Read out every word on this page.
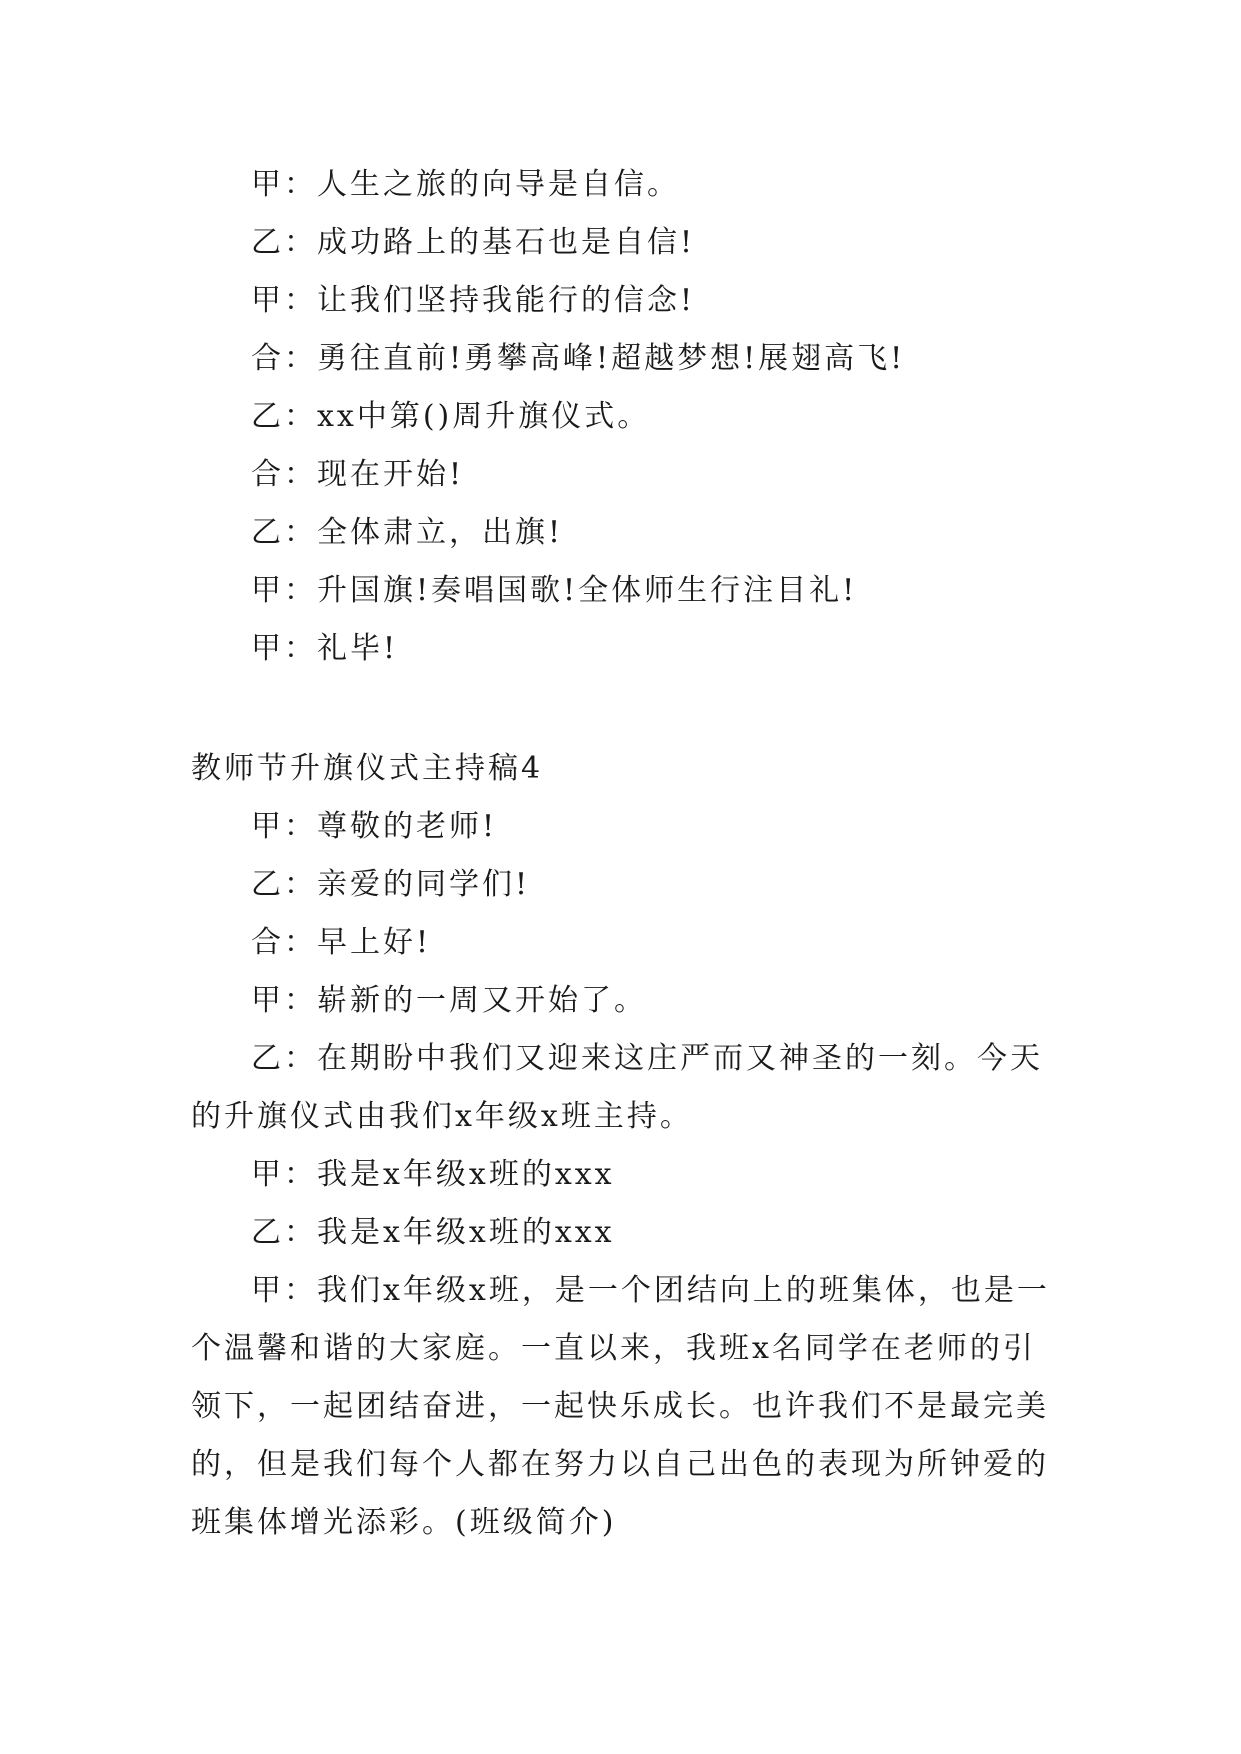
甲：人生之旅的向导是自信。

乙：成功路上的基石也是自信!

甲：让我们坚持我能行的信念!

合：勇往直前!勇攀高峰!超越梦想!展翅高飞!

乙：xx中第()周升旗仪式。

合：现在开始!

乙：全体肃立，出旗!

甲：升国旗!奏唱国歌!全体师生行注目礼!

甲：礼毕!

教师节升旗仪式主持稿4

甲：尊敬的老师!

乙：亲爱的同学们!

合：早上好!

甲：崭新的一周又开始了。

乙：在期盼中我们又迎来这庄严而又神圣的一刻。今天的升旗仪式由我们x年级x班主持。

甲：我是x年级x班的xxx

乙：我是x年级x班的xxx

甲：我们x年级x班，是一个团结向上的班集体，也是一个温馨和谐的大家庭。一直以来，我班x名同学在老师的引领下，一起团结奋进，一起快乐成长。也许我们不是最完美的，但是我们每个人都在努力以自己出色的表现为所钟爱的班集体增光添彩。(班级简介)
